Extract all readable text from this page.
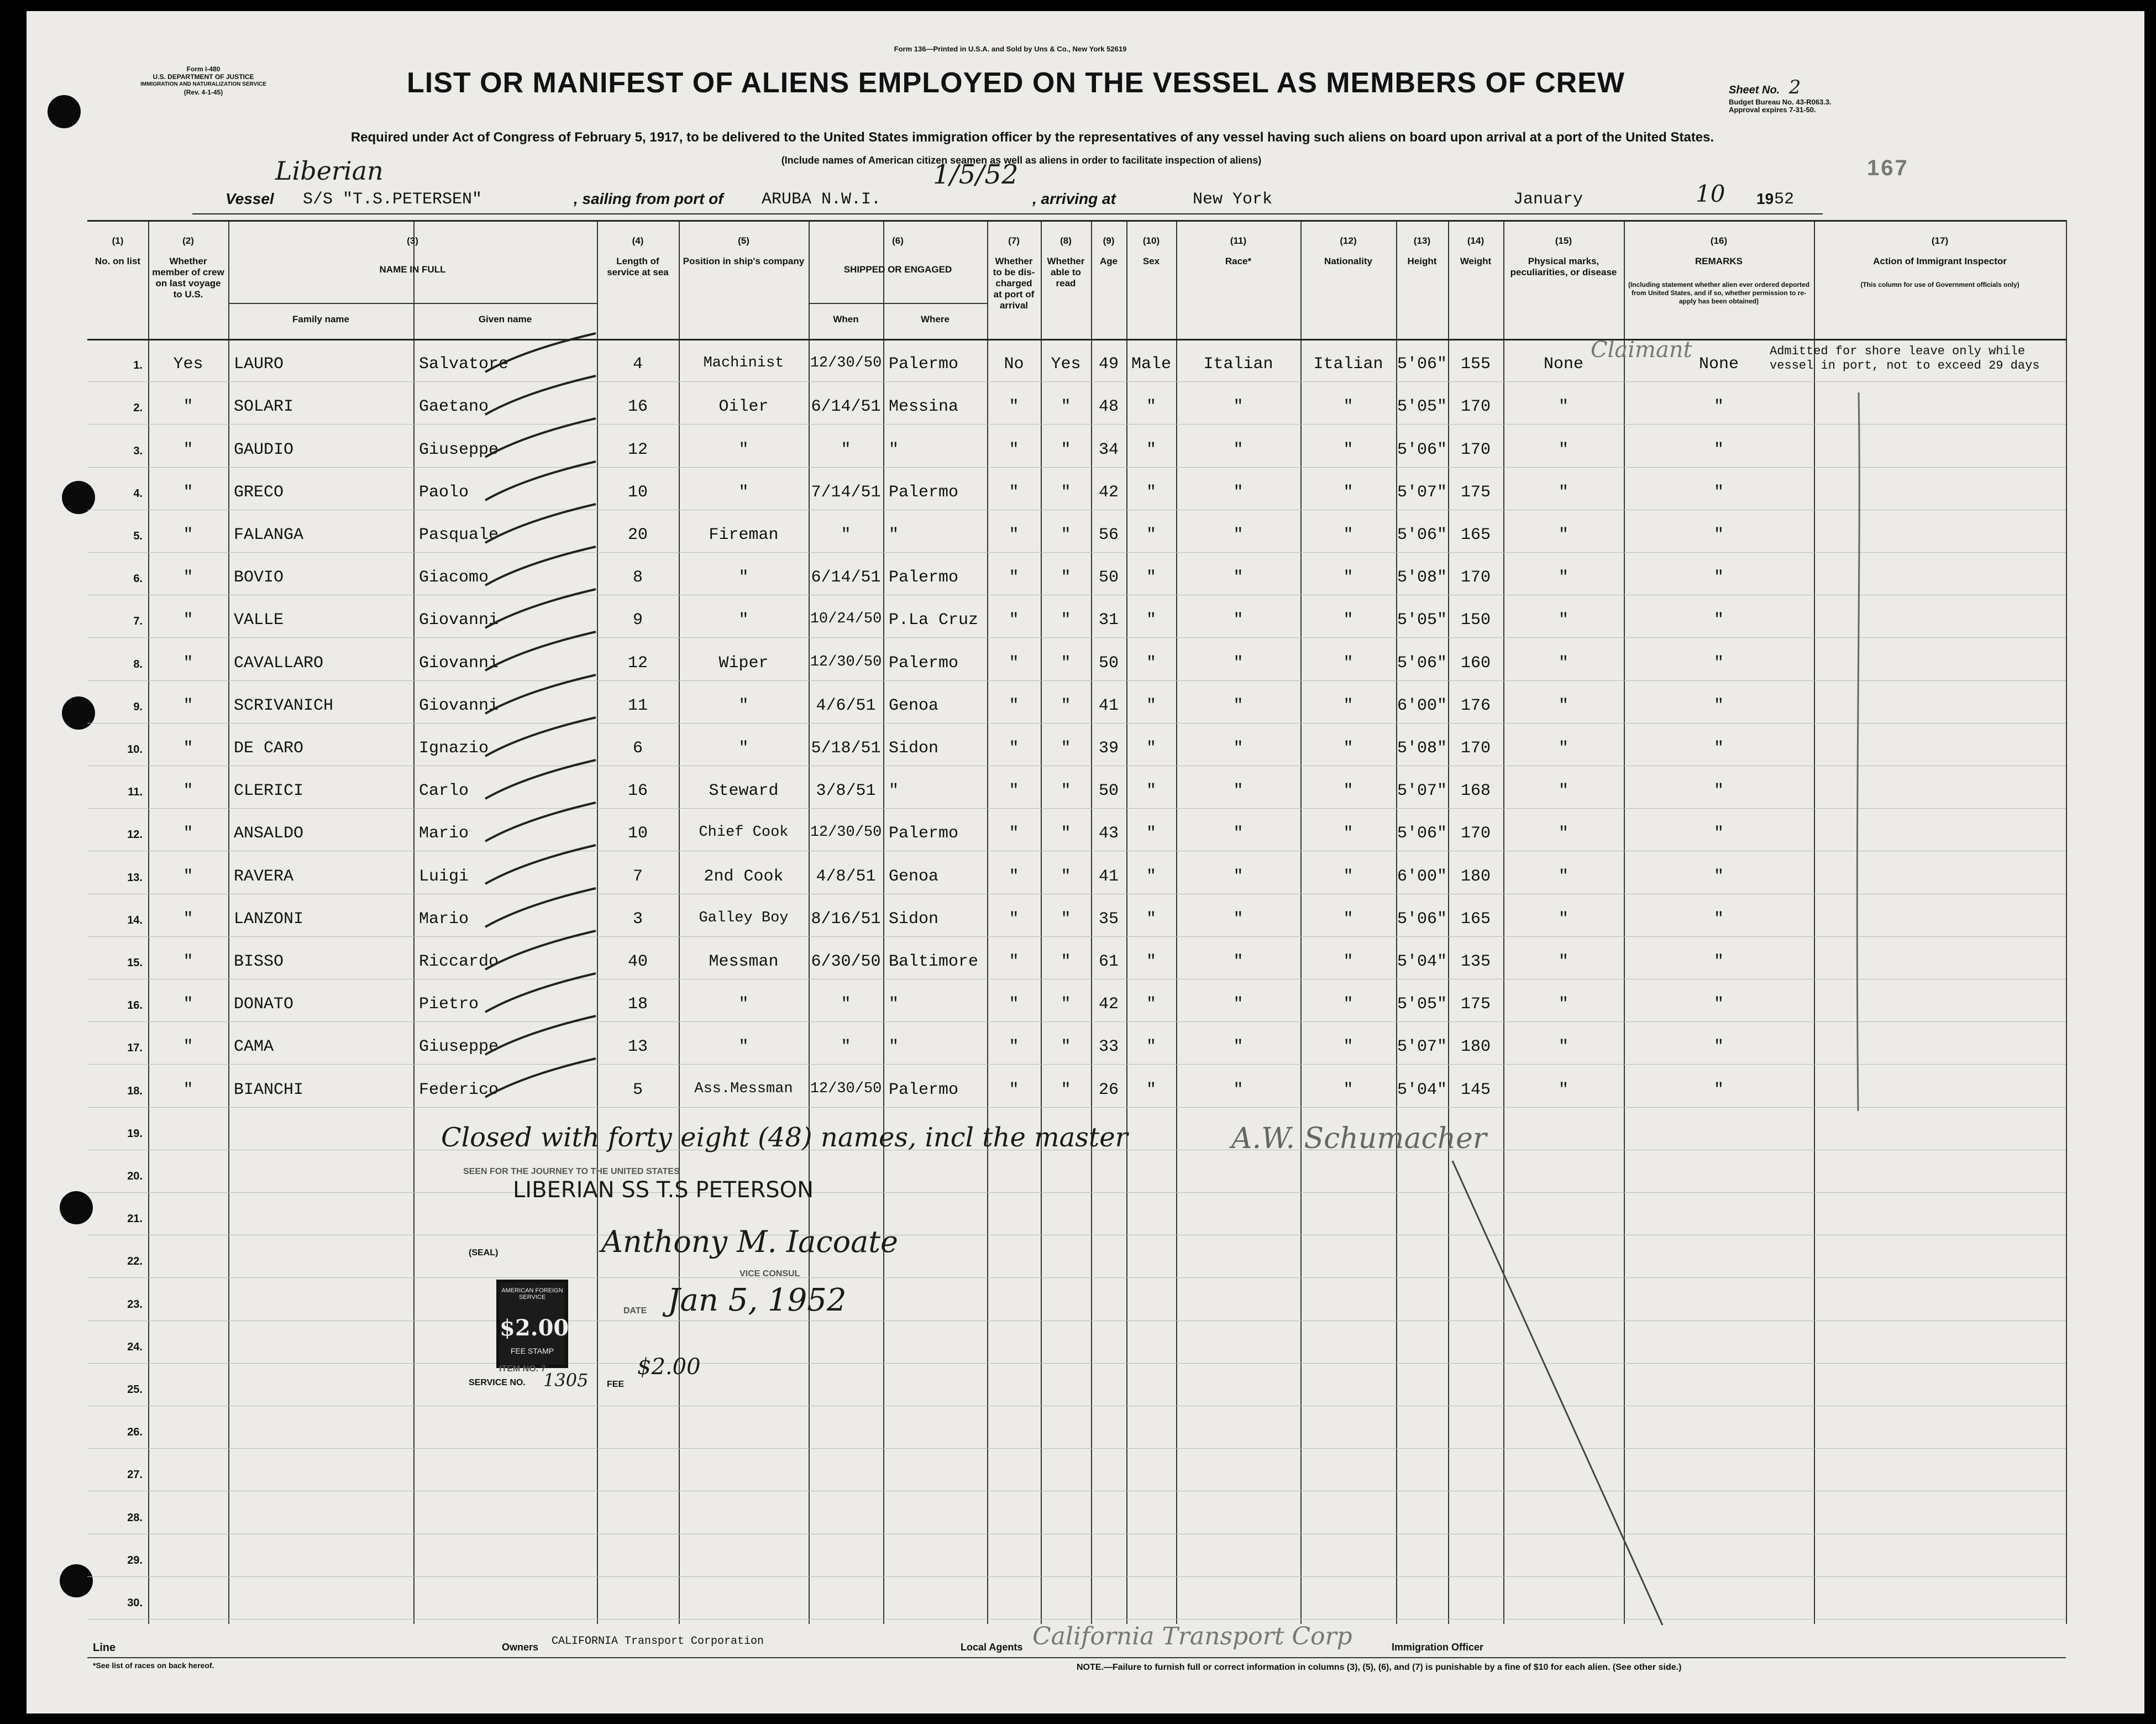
Form I-480
U.S. DEPARTMENT OF JUSTICE
IMMIGRATION AND NATURALIZATION SERVICE
(Rev. 4-1-45)
Form 136—Printed in U.S.A. and Sold by Uns & Co., New York 52619
LIST OR MANIFEST OF ALIENS EMPLOYED ON THE VESSEL AS MEMBERS OF CREW	Sheet No. 2
Budget Bureau No. 43-R063.3.
Approval expires 7-31-50.
167
Required under Act of Congress of February 5, 1917, to be delivered to the United States immigration officer by the representatives of any vessel having such aliens on board upon arrival at a port of the United States.
(Include names of American citizen seamen as well as aliens in order to facilitate inspection of aliens)
Liberian	1/5/52
Vessel S/S "T.S.PETERSEN"	, sailing from port of ARUBA N.W.I.	, arriving at	New York	January	10 19 52
(1)
No. on list
(2)
Whether member of crew on last voyage to U.S.
(3)
NAME IN FULL
Family name	Given name
(4)
Length of service at sea
(5)
Position in ship's company
(6)
SHIPPED OR ENGAGED
When	Where
(7)
Whether to be dis-charged at port of arrival
(8)
Whether able to read
(9)
Age
(10)
Sex
(11)
Race*
(12)
Nationality
(13)
Height
(14)
Weight
(15)
Physical marks, peculiarities, or disease
(16)
REMARKS
(Including statement whether alien ever ordered deported from United States, and if so, whether permission to re-apply has been obtained)
(17)
Action of Immigrant Inspector
(This column for use of Government officials only)
1.	Yes	LAURO	Salvatore	4	Machinist	12/30/50 Palermo	No	Yes	49 Male	Italian	Italian 5'06" 155	None	None
Admitted for shore leave only while vessel in port, not to exceed 29 days
2.	"	SOLARI	Gaetano	16	Oiler	6/14/51 Messina	"	"	48	"	"	"	5'05" 170	"	"
3.	"	GAUDIO	Giuseppe	12	"	"	"	"	"	34	"	"	"	5'06" 170	"	"
4.	"	GRECO	Paolo	10	"	7/14/51 Palermo	"	"	42	"	"	"	5'07" 175	"	"
5.	"	FALANGA	Pasquale	20	Fireman	"	"	"	"	56	"	"	"	5'06" 165	"	"
6.	"	BOVIO	Giacomo	8	"	6/14/51 Palermo	"	"	50	"	"	"	5'08" 170	"	"
7.	"	VALLE	Giovanni	9	"	10/24/50 P.La Cruz	"	"	31	"	"	"	5'05" 150	"	"
8.	"	CAVALLARO	Giovanni	12	Wiper	12/30/50 Palermo	"	"	50	"	"	"	5'06" 160	"	"
9.	"	SCRIVANICH	Giovanni	11	"	4/6/51 Genoa	"	"	41	"	"	"	6'00" 176	"	"
10.	"	DE CARO	Ignazio	6	"	5/18/51 Sidon	"	"	39	"	"	"	5'08" 170	"	"
11.	"	CLERICI	Carlo	16	Steward	3/8/51 "	"	"	50	"	"	"	5'07" 168	"	"
12.	"	ANSALDO	Mario	10	Chief Cook	12/30/50 Palermo	"	"	43	"	"	"	5'06" 170	"	"
13.	"	RAVERA	Luigi	7	2nd Cook	4/8/51 Genoa	"	"	41	"	"	"	6'00" 180	"	"
14.	"	LANZONI	Mario	3	Galley Boy	8/16/51 Sidon	"	"	35	"	"	"	5'06" 165	"	"
15.	"	BISSO	Riccardo	40	Messman	6/30/50 Baltimore	"	"	61	"	"	"	5'04" 135	"	"
16.	"	DONATO	Pietro	18	"	"	"	"	"	42	"	"	"	5'05" 175	"	"
17.	"	CAMA	Giuseppe	13	"	"	"	"	"	33	"	"	"	5'07" 180	"	"
18.	"	BIANCHI	Federico	5	Ass.Messman	12/30/50 Palermo	"	"	26	"	"	"	5'04" 145	"	"
19.
20.
21.
22.
23.
24.
25.
26.
27.
28.
29.
30.
Closed with forty eight (48) names, incl the master	A.W. Schumacher
SEEN FOR THE JOURNEY TO THE UNITED STATES
LIBERIAN SS T.S PETERSON
Anthony M. Iacoate
VICE CONSUL
(SEAL)
DATE Jan 5, 1952
AMERICAN FOREIGN SERVICE
$2.00
FEE STAMP
ITEM NO. 7
SERVICE NO. 1305 FEE
$2.00
Claimant
Line
*See list of races on back hereof.
Owners CALIFORNIA Transport Corporation	Local Agents California Transport Corp	Immigration Officer
NOTE.—Failure to furnish full or correct information in columns (3), (5), (6), and (7) is punishable by a fine of $10 for each alien. (See other side.)
